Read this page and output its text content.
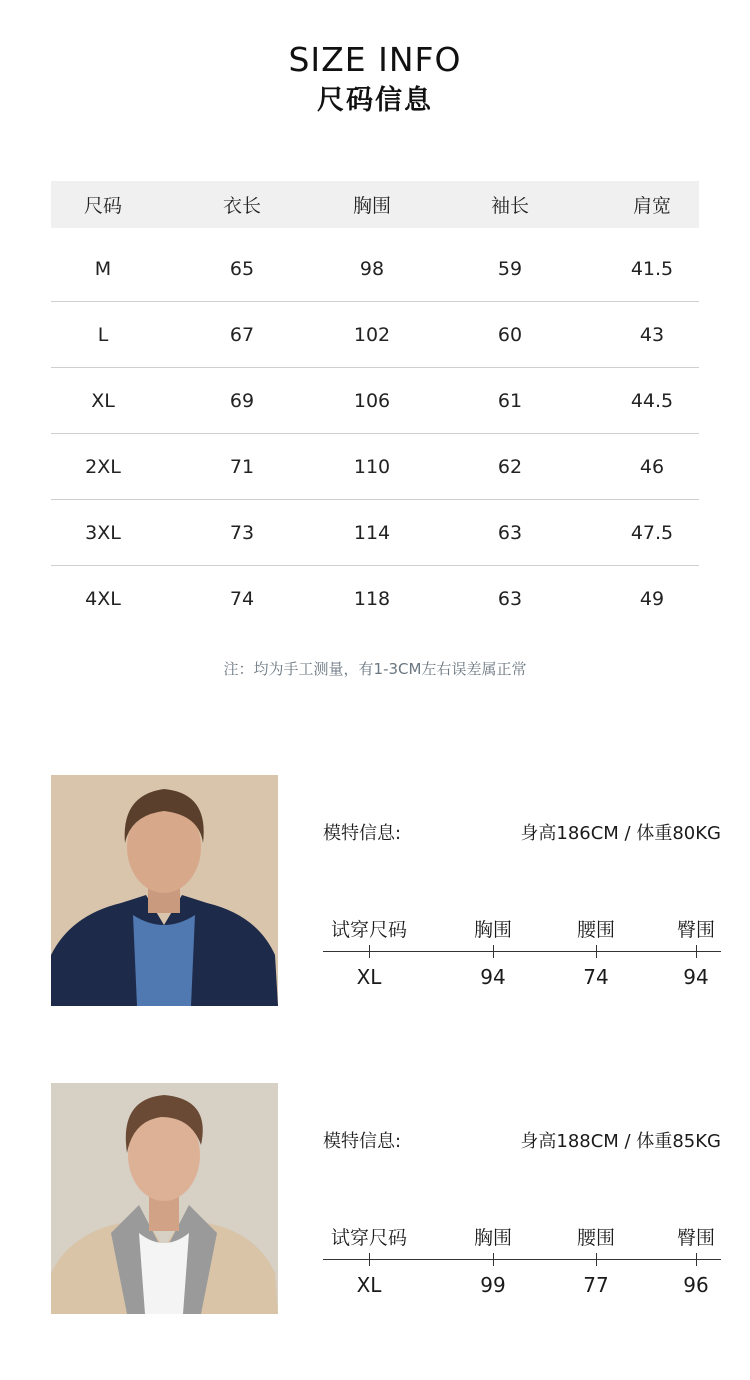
SIZE INFO
尺码信息
尺码	衣长	胸围	袖长	肩宽
M	65	98	59	41.5
L	67	102	60	43
XL	69	106	61	44.5
2XL	71	110	62	46
3XL	73	114	63	47.5
4XL	74	118	63	49
注：均为手工测量，有1-3CM左右误差属正常
模特信息:	身高186CM / 体重80KG
试穿尺码	胸围	腰围	臀围
XL	94	74	94
模特信息:	身高188CM / 体重85KG
试穿尺码	胸围	腰围	臀围
XL	99	77	96
